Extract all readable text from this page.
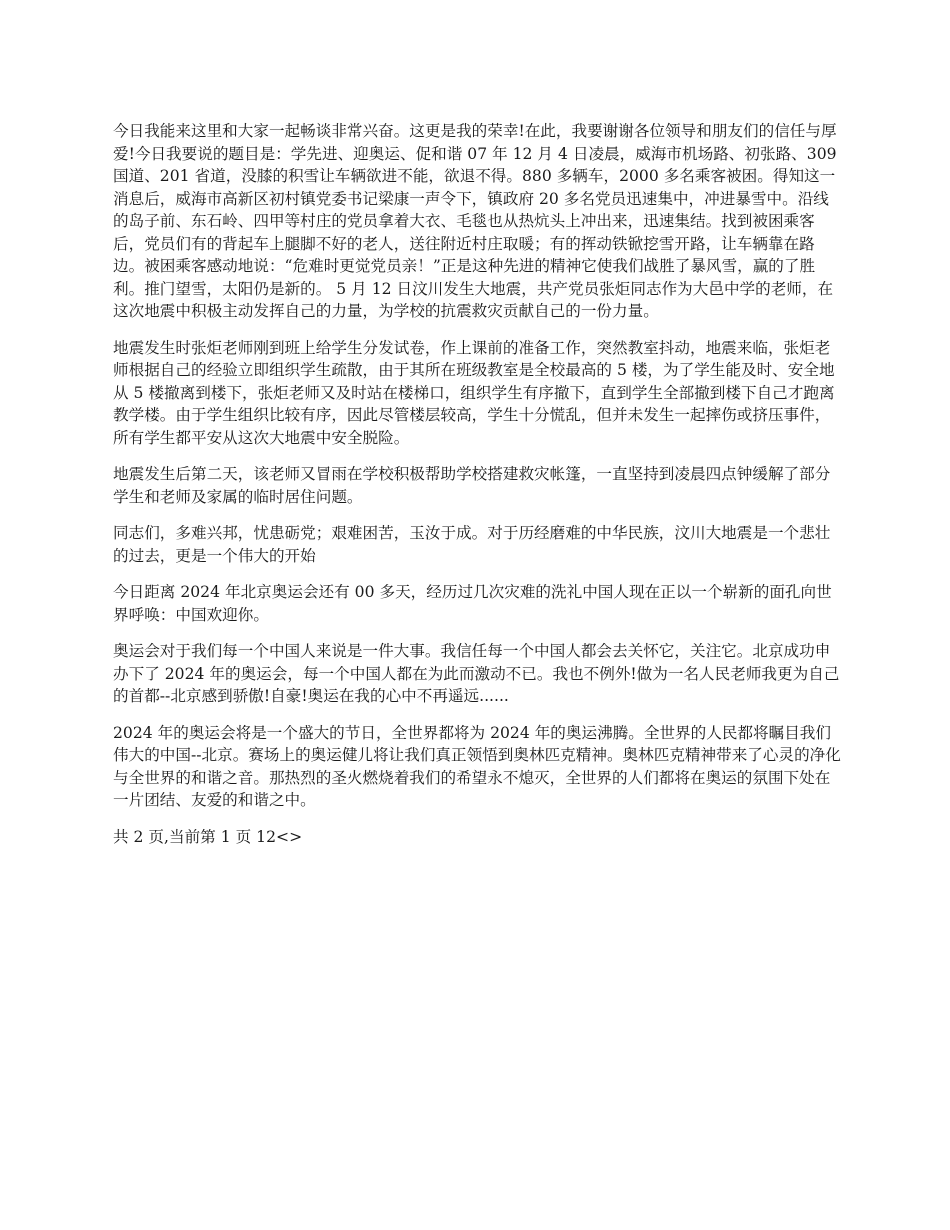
今日我能来这里和大家一起畅谈非常兴奋。这更是我的荣幸!在此，我要谢谢各位领导和朋友们的信任与厚爱!今日我要说的题目是：学先进、迎奥运、促和谐 07 年 12 月 4 日凌晨，威海市机场路、初张路、309 国道、201 省道，没膝的积雪让车辆欲进不能，欲退不得。880 多辆车，2000 多名乘客被困。得知这一消息后，威海市高新区初村镇党委书记梁康一声令下，镇政府 20 多名党员迅速集中，冲进暴雪中。沿线的岛子前、东石岭、四甲等村庄的党员拿着大衣、毛毯也从热炕头上冲出来，迅速集结。找到被困乘客后，党员们有的背起车上腿脚不好的老人，送往附近村庄取暖；有的挥动铁锨挖雪开路，让车辆靠在路边。被困乘客感动地说：“危难时更觉党员亲！”正是这种先进的精神它使我们战胜了暴风雪，赢的了胜利。推门望雪，太阳仍是新的。 5 月 12 日汶川发生大地震，共产党员张炬同志作为大邑中学的老师，在这次地震中积极主动发挥自己的力量，为学校的抗震救灾贡献自己的一份力量。

地震发生时张炬老师刚到班上给学生分发试卷，作上课前的准备工作，突然教室抖动，地震来临，张炬老师根据自己的经验立即组织学生疏散，由于其所在班级教室是全校最高的 5 楼，为了学生能及时、安全地从 5 楼撤离到楼下，张炬老师又及时站在楼梯口，组织学生有序撤下，直到学生全部撤到楼下自己才跑离教学楼。由于学生组织比较有序，因此尽管楼层较高，学生十分慌乱，但并未发生一起摔伤或挤压事件，所有学生都平安从这次大地震中安全脱险。

地震发生后第二天，该老师又冒雨在学校积极帮助学校搭建救灾帐篷，一直坚持到凌晨四点钟缓解了部分学生和老师及家属的临时居住问题。

同志们，多难兴邦，忧患砺党；艰难困苦，玉汝于成。对于历经磨难的中华民族，汶川大地震是一个悲壮的过去，更是一个伟大的开始

今日距离 2024 年北京奥运会还有 00 多天，经历过几次灾难的洗礼中国人现在正以一个崭新的面孔向世界呼唤：中国欢迎你。

奥运会对于我们每一个中国人来说是一件大事。我信任每一个中国人都会去关怀它，关注它。北京成功申办下了 2024 年的奥运会，每一个中国人都在为此而激动不已。我也不例外!做为一名人民老师我更为自己的首都--北京感到骄傲!自豪!奥运在我的心中不再遥远......

2024 年的奥运会将是一个盛大的节日，全世界都将为 2024 年的奥运沸腾。全世界的人民都将瞩目我们伟大的中国--北京。赛场上的奥运健儿将让我们真正领悟到奥林匹克精神。奥林匹克精神带来了心灵的净化与全世界的和谐之音。那热烈的圣火燃烧着我们的希望永不熄灭，全世界的人们都将在奥运的氛围下处在一片团结、友爱的和谐之中。

共 2 页,当前第 1 页 12<>
